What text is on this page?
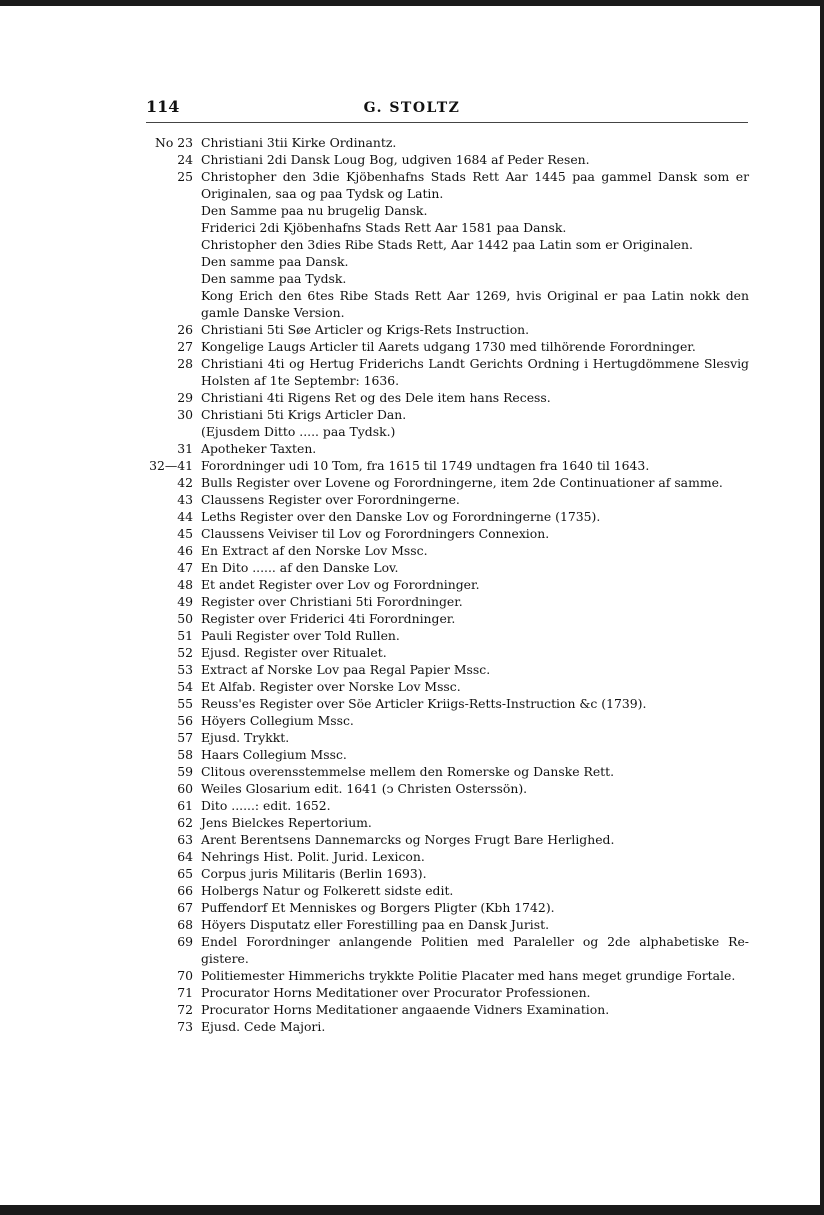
114	G. STOLTZ
No 23 Christiani 3tii Kirke Ordinantz.
24 Christiani 2di Dansk Loug Bog, udgiven 1684 af Peder Resen.
25 Christopher den 3die Kjöbenhafns Stads Rett Aar 1445 paa gammel Dansk som er
Originalen, saa og paa Tydsk og Latin.
Den Samme paa nu brugelig Dansk.
Friderici 2di Kjöbenhafns Stads Rett Aar 1581 paa Dansk.
Christopher den 3dies Ribe Stads Rett, Aar 1442 paa Latin som er Originalen.
Den samme paa Dansk.
Den samme paa Tydsk.
Kong Erich den 6tes Ribe Stads Rett Aar 1269, hvis Original er paa Latin nokk den
gamle Danske Version.
26 Christiani 5ti Søe Articler og Krigs-Rets Instruction.
27 Kongelige Laugs Articler til Aarets udgang 1730 med tilhörende Forordninger.
28 Christiani 4ti og Hertug Friderichs Landt Gerichts Ordning i Hertugdömmene Slesvig
Holsten af 1te Septembr: 1636.
29 Christiani 4ti Rigens Ret og des Dele item hans Recess.
30 Christiani 5ti Krigs Articler Dan.
(Ejusdem Ditto ..... paa Tydsk.)
31 Apotheker Taxten.
32—41 Forordninger udi 10 Tom, fra 1615 til 1749 undtagen fra 1640 til 1643.
42 Bulls Register over Lovene og Forordningerne, item 2de Continuationer af samme.
43 Claussens Register over Forordningerne.
44 Leths Register over den Danske Lov og Forordningerne (1735).
45 Claussens Veiviser til Lov og Forordningers Connexion.
46 En Extract af den Norske Lov Mssc.
47 En Dito ...... af den Danske Lov.
48 Et andet Register over Lov og Forordninger.
49 Register over Christiani 5ti Forordninger.
50 Register over Friderici 4ti Forordninger.
51 Pauli Register over Told Rullen.
52 Ejusd. Register over Ritualet.
53 Extract af Norske Lov paa Regal Papier Mssc.
54 Et Alfab. Register over Norske Lov Mssc.
55 Reuss'es Register over Söe Articler Kriigs-Retts-Instruction &c (1739).
56 Höyers Collegium Mssc.
57 Ejusd. Trykkt.
58 Haars Collegium Mssc.
59 Clitous overensstemmelse mellem den Romerske og Danske Rett.
60 Weiles Glosarium edit. 1641 (ↄ Christen Osterssön).
61 Dito ......: edit. 1652.
62 Jens Bielckes Repertorium.
63 Arent Berentsens Dannemarcks og Norges Frugt Bare Herlighed.
64 Nehrings Hist. Polit. Jurid. Lexicon.
65 Corpus juris Militaris (Berlin 1693).
66 Holbergs Natur og Folkerett sidste edit.
67 Puffendorf Et Menniskes og Borgers Pligter (Kbh 1742).
68 Höyers Disputatz eller Forestilling paa en Dansk Jurist.
69 Endel Forordninger anlangende Politien med Paraleller og 2de alphabetiske Re-
gistere.
70 Politiemester Himmerichs trykkte Politie Placater med hans meget grundige Fortale.
71 Procurator Horns Meditationer over Procurator Professionen.
72 Procurator Horns Meditationer angaaende Vidners Examination.
73 Ejusd. Cede Majori.
